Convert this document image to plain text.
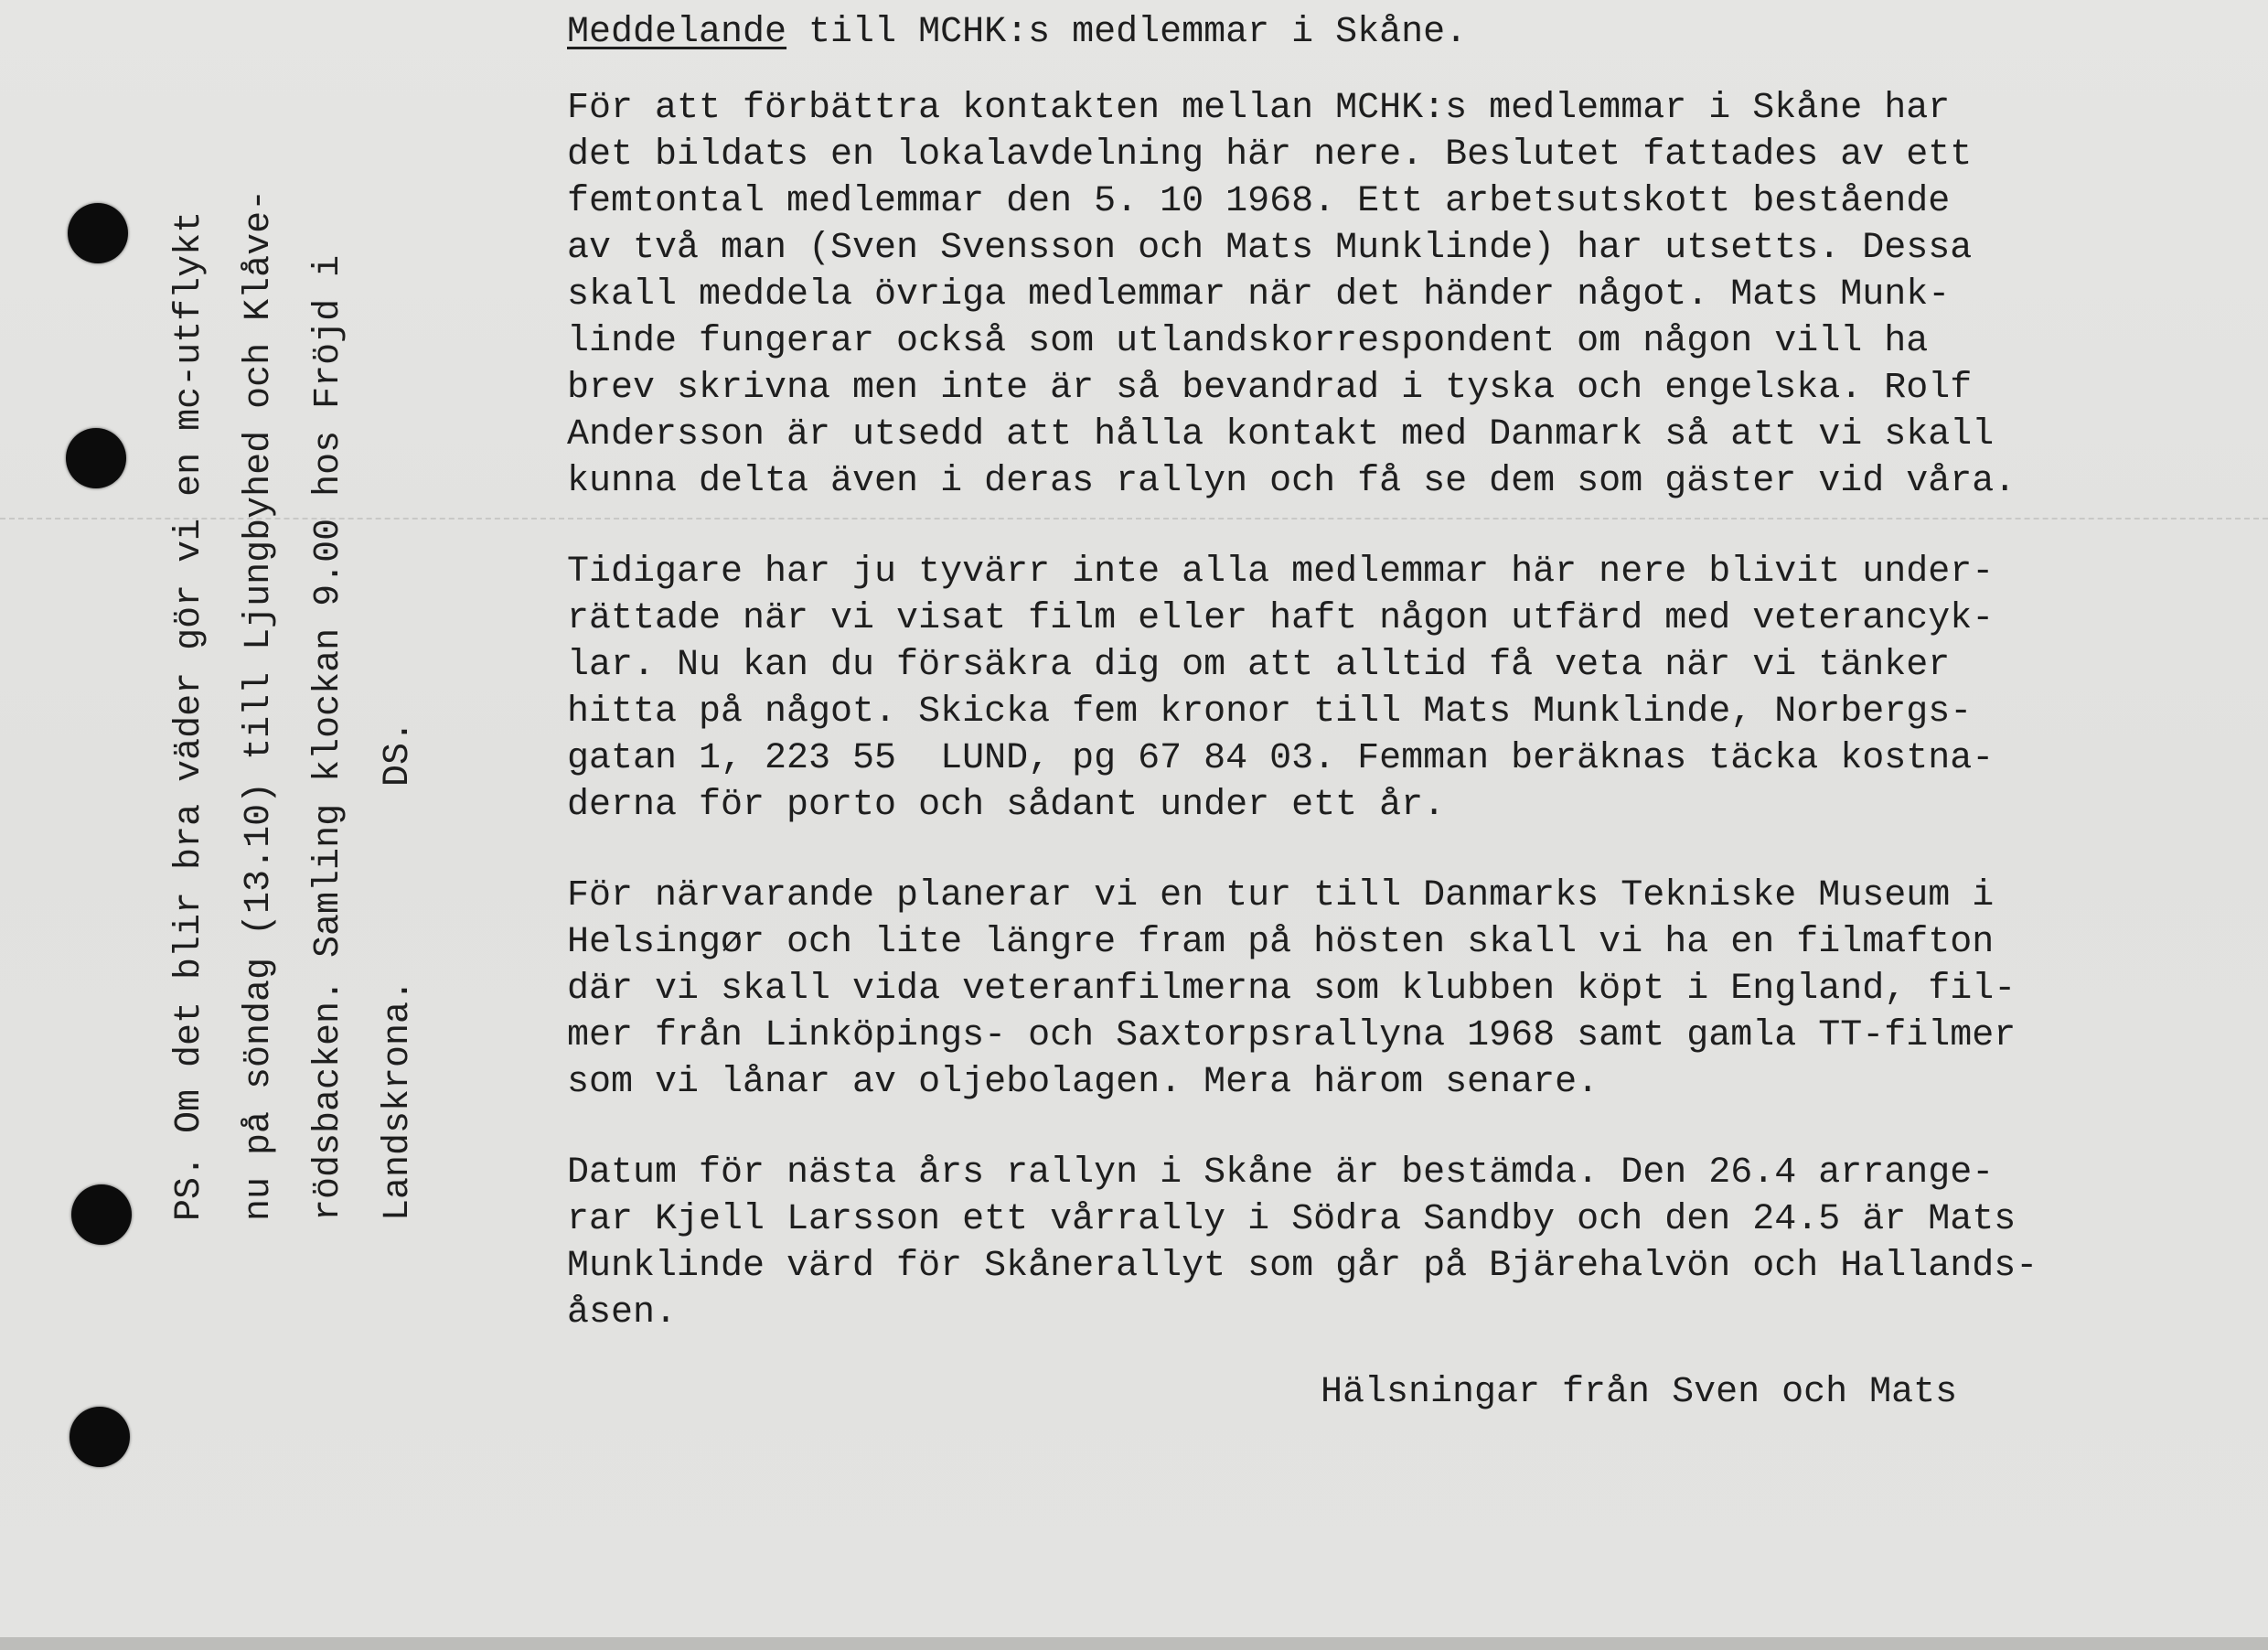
Meddelande till MCHK:s medlemmar i Skåne.
För att förbättra kontakten mellan MCHK:s medlemmar i Skåne har
det bildats en lokalavdelning här nere. Beslutet fattades av ett
femtontal medlemmar den 5. 10 1968. Ett arbetsutskott bestående
av två man (Sven Svensson och Mats Munklinde) har utsetts. Dessa
skall meddela övriga medlemmar när det händer något. Mats Munk-
linde fungerar också som utlandskorrespondent om någon vill ha
brev skrivna men inte är så bevandrad i tyska och engelska. Rolf
Andersson är utsedd att hålla kontakt med Danmark så att vi skall
kunna delta även i deras rallyn och få se dem som gäster vid våra.
Tidigare har ju tyvärr inte alla medlemmar här nere blivit under-
rättade när vi visat film eller haft någon utfärd med veterancyk-
lar. Nu kan du försäkra dig om att alltid få veta när vi tänker
hitta på något. Skicka fem kronor till Mats Munklinde, Norbergs-
gatan 1, 223 55  LUND, pg 67 84 03. Femman beräknas täcka kostna-
derna för porto och sådant under ett år.
För närvarande planerar vi en tur till Danmarks Tekniske Museum i
Helsingør och lite längre fram på hösten skall vi ha en filmafton
där vi skall vida veteranfilmerna som klubben köpt i England, fil-
mer från Linköpings- och Saxtorpsrallyna 1968 samt gamla TT-filmer
som vi lånar av oljebolagen. Mera härom senare.
Datum för nästa års rallyn i Skåne är bestämda. Den 26.4 arrange-
rar Kjell Larsson ett vårrally i Södra Sandby och den 24.5 är Mats
Munklinde värd för Skånerallyt som går på Bjärehalvön och Hallands-
åsen.
Hälsningar från Sven och Mats
PS. Om det blir bra väder gör vi en mc-utflykt nu på söndag (13.10) till Ljungbyhed och Klåve- rödsbacken. Samling klockan 9.00 hos Fröjd i Landskrona.
DS.
